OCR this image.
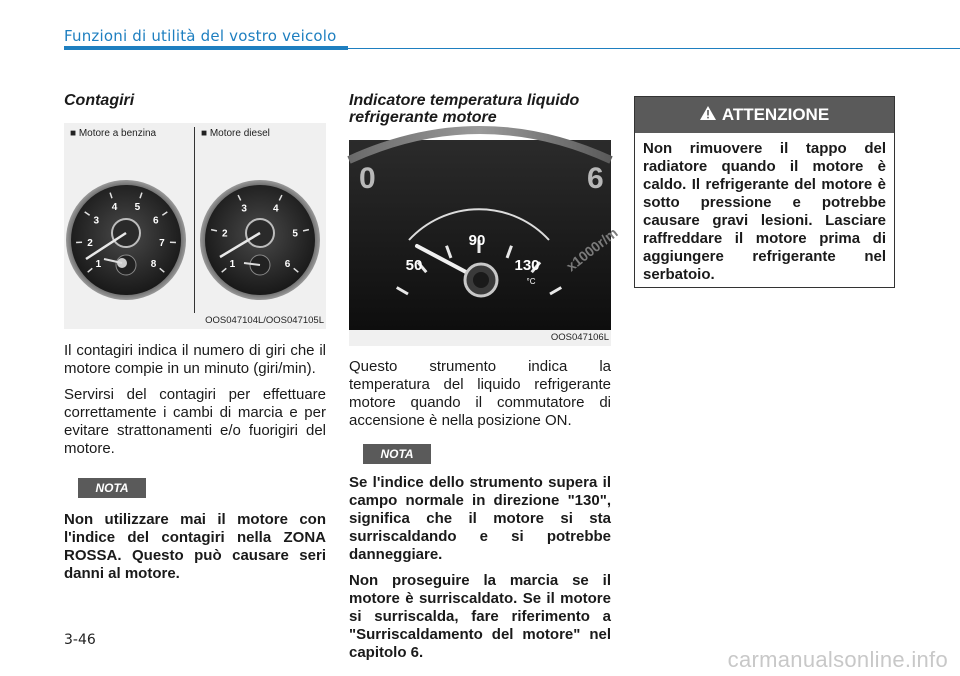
Funzioni di utilità del vostro veicolo
Contagiri
■ Motore a benzina	■ Motore diesel
1
2
3
4 5
6
7
8	1
2
3	4
5
6
OOS047104L/OOS047105L

Il contagiri indica il numero di giri che il motore compie in un minuto (giri/min).

Servirsi del contagiri per effettuare correttamente i cambi di marcia e per evitare strattonamenti e/o fuorigiri del motore.

NOTA

Non utilizzare mai il motore con l'indice del contagiri nella ZONA ROSSA. Questo può causare seri danni al motore.

Indicatore temperatura liquido refrigerante motore
0	6
x1000r/m
50
90
130
°C
OOS047106L

Questo strumento indica la temperatura del liquido refrigerante motore quando il commutatore di accensione è nella posizione ON.

NOTA

Se l'indice dello strumento supera il campo normale in direzione "130", significa che il motore si sta surriscaldando e si potrebbe danneggiare.

Non proseguire la marcia se il motore è surriscaldato. Se il motore si surriscalda, fare riferimento a "Surriscaldamento del motore" nel capitolo 6.

ATTENZIONE
Non rimuovere il tappo del radiatore quando il motore è caldo. Il refrigerante del motore è sotto pressione e potrebbe causare gravi lesioni. Lasciare raffreddare il motore prima di aggiungere refrigerante nel serbatoio.
3-46
carmanualsonline.info
